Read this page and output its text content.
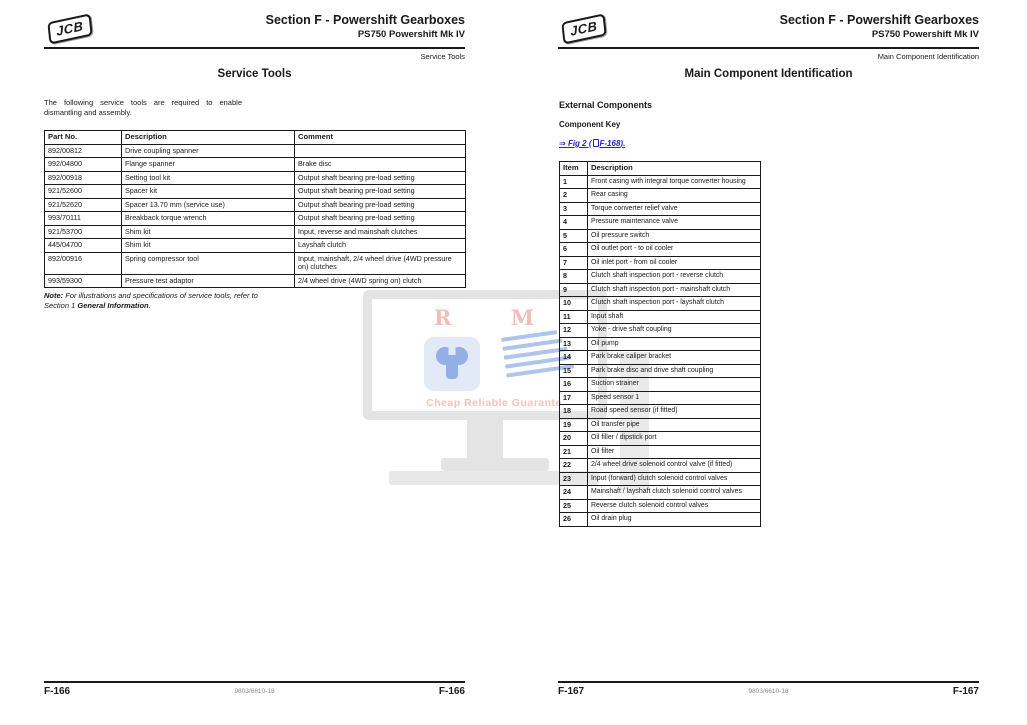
R M
Cheap Reliable Guarante
JCB	Section F - Powershift Gearboxes
PS750 Powershift Mk IV
Service Tools
Service Tools
The following service tools are required to enable dismantling and assembly.
Part No.	Description	Comment
892/00812	Drive coupling spanner	
992/04800	Flange spanner	Brake disc
892/00918	Setting tool kit	Output shaft bearing pre-load setting
921/52600	Spacer kit	Output shaft bearing pre-load setting
921/52620	Spacer 13.70 mm (service use)	Output shaft bearing pre-load setting
993/70111	Breakback torque wrench	Output shaft bearing pre-load setting
921/53700	Shim kit	Input, reverse and mainshaft clutches
445/04700	Shim kit	Layshaft clutch
892/00916	Spring compressor tool	Input, mainshaft, 2/4 wheel drive (4WD pressure on) clutches
993/59300	Pressure test adaptor	2/4 wheel drive (4WD spring on) clutch
Note: For illustrations and specifications of service tools, refer to Section 1 General Information.
F-166	9803/6610-18	F-166
JCB	Section F - Powershift Gearboxes
PS750 Powershift Mk IV
Main Component Identification
Main Component Identification
External Components
Component Key
⇒ Fig 2 ( F-168).
Item	Description
1	Front casing with integral torque converter housing
2	Rear casing
3	Torque converter relief valve
4	Pressure maintenance valve
5	Oil pressure switch
6	Oil outlet port - to oil cooler
7	Oil inlet port - from oil cooler
8	Clutch shaft inspection port - reverse clutch
9	Clutch shaft inspection port - mainshaft clutch
10	Clutch shaft inspection port - layshaft clutch
11	Input shaft
12	Yoke - drive shaft coupling
13	Oil pump
14	Park brake caliper bracket
15	Park brake disc and drive shaft coupling
16	Suction strainer
17	Speed sensor 1
18	Road speed sensor (if fitted)
19	Oil transfer pipe
20	Oil filler / dipstick port
21	Oil filter
22	2/4 wheel drive solenoid control valve (if fitted)
23	Input (forward) clutch solenoid control valves
24	Mainshaft / layshaft clutch solenoid control valves
25	Reverse clutch solenoid control valves
26	Oil drain plug
F-167	9803/6610-18	F-167
